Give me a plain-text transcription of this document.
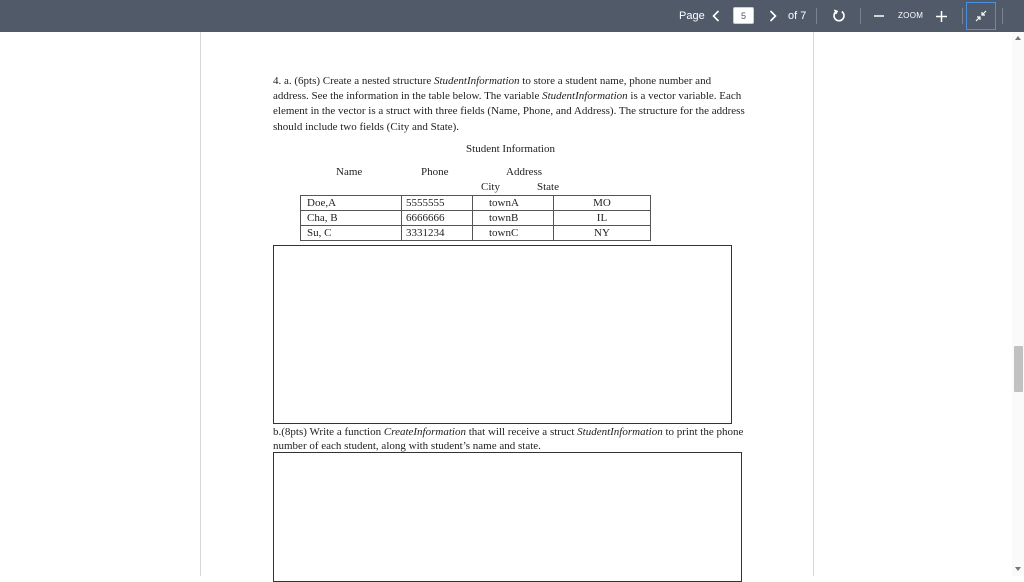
Page
5	of 7	ZOOM
4. a. (6pts) Create a nested structure StudentInformation to store a student name, phone number and address. See the information in the table below. The variable StudentInformation is a vector variable. Each element in the vector is a struct with three fields (Name, Phone, and Address). The structure for the address should include two fields (City and State).
Student Information
Name	Phone	Address
City	State
Doe,A	5555555	townA	MO
Cha, B	6666666	townB	IL
Su, C	3331234	townC	NY
b.(8pts) Write a function CreateInformation that will receive a struct StudentInformation to print the phone number of each student, along with student’s name and state.
